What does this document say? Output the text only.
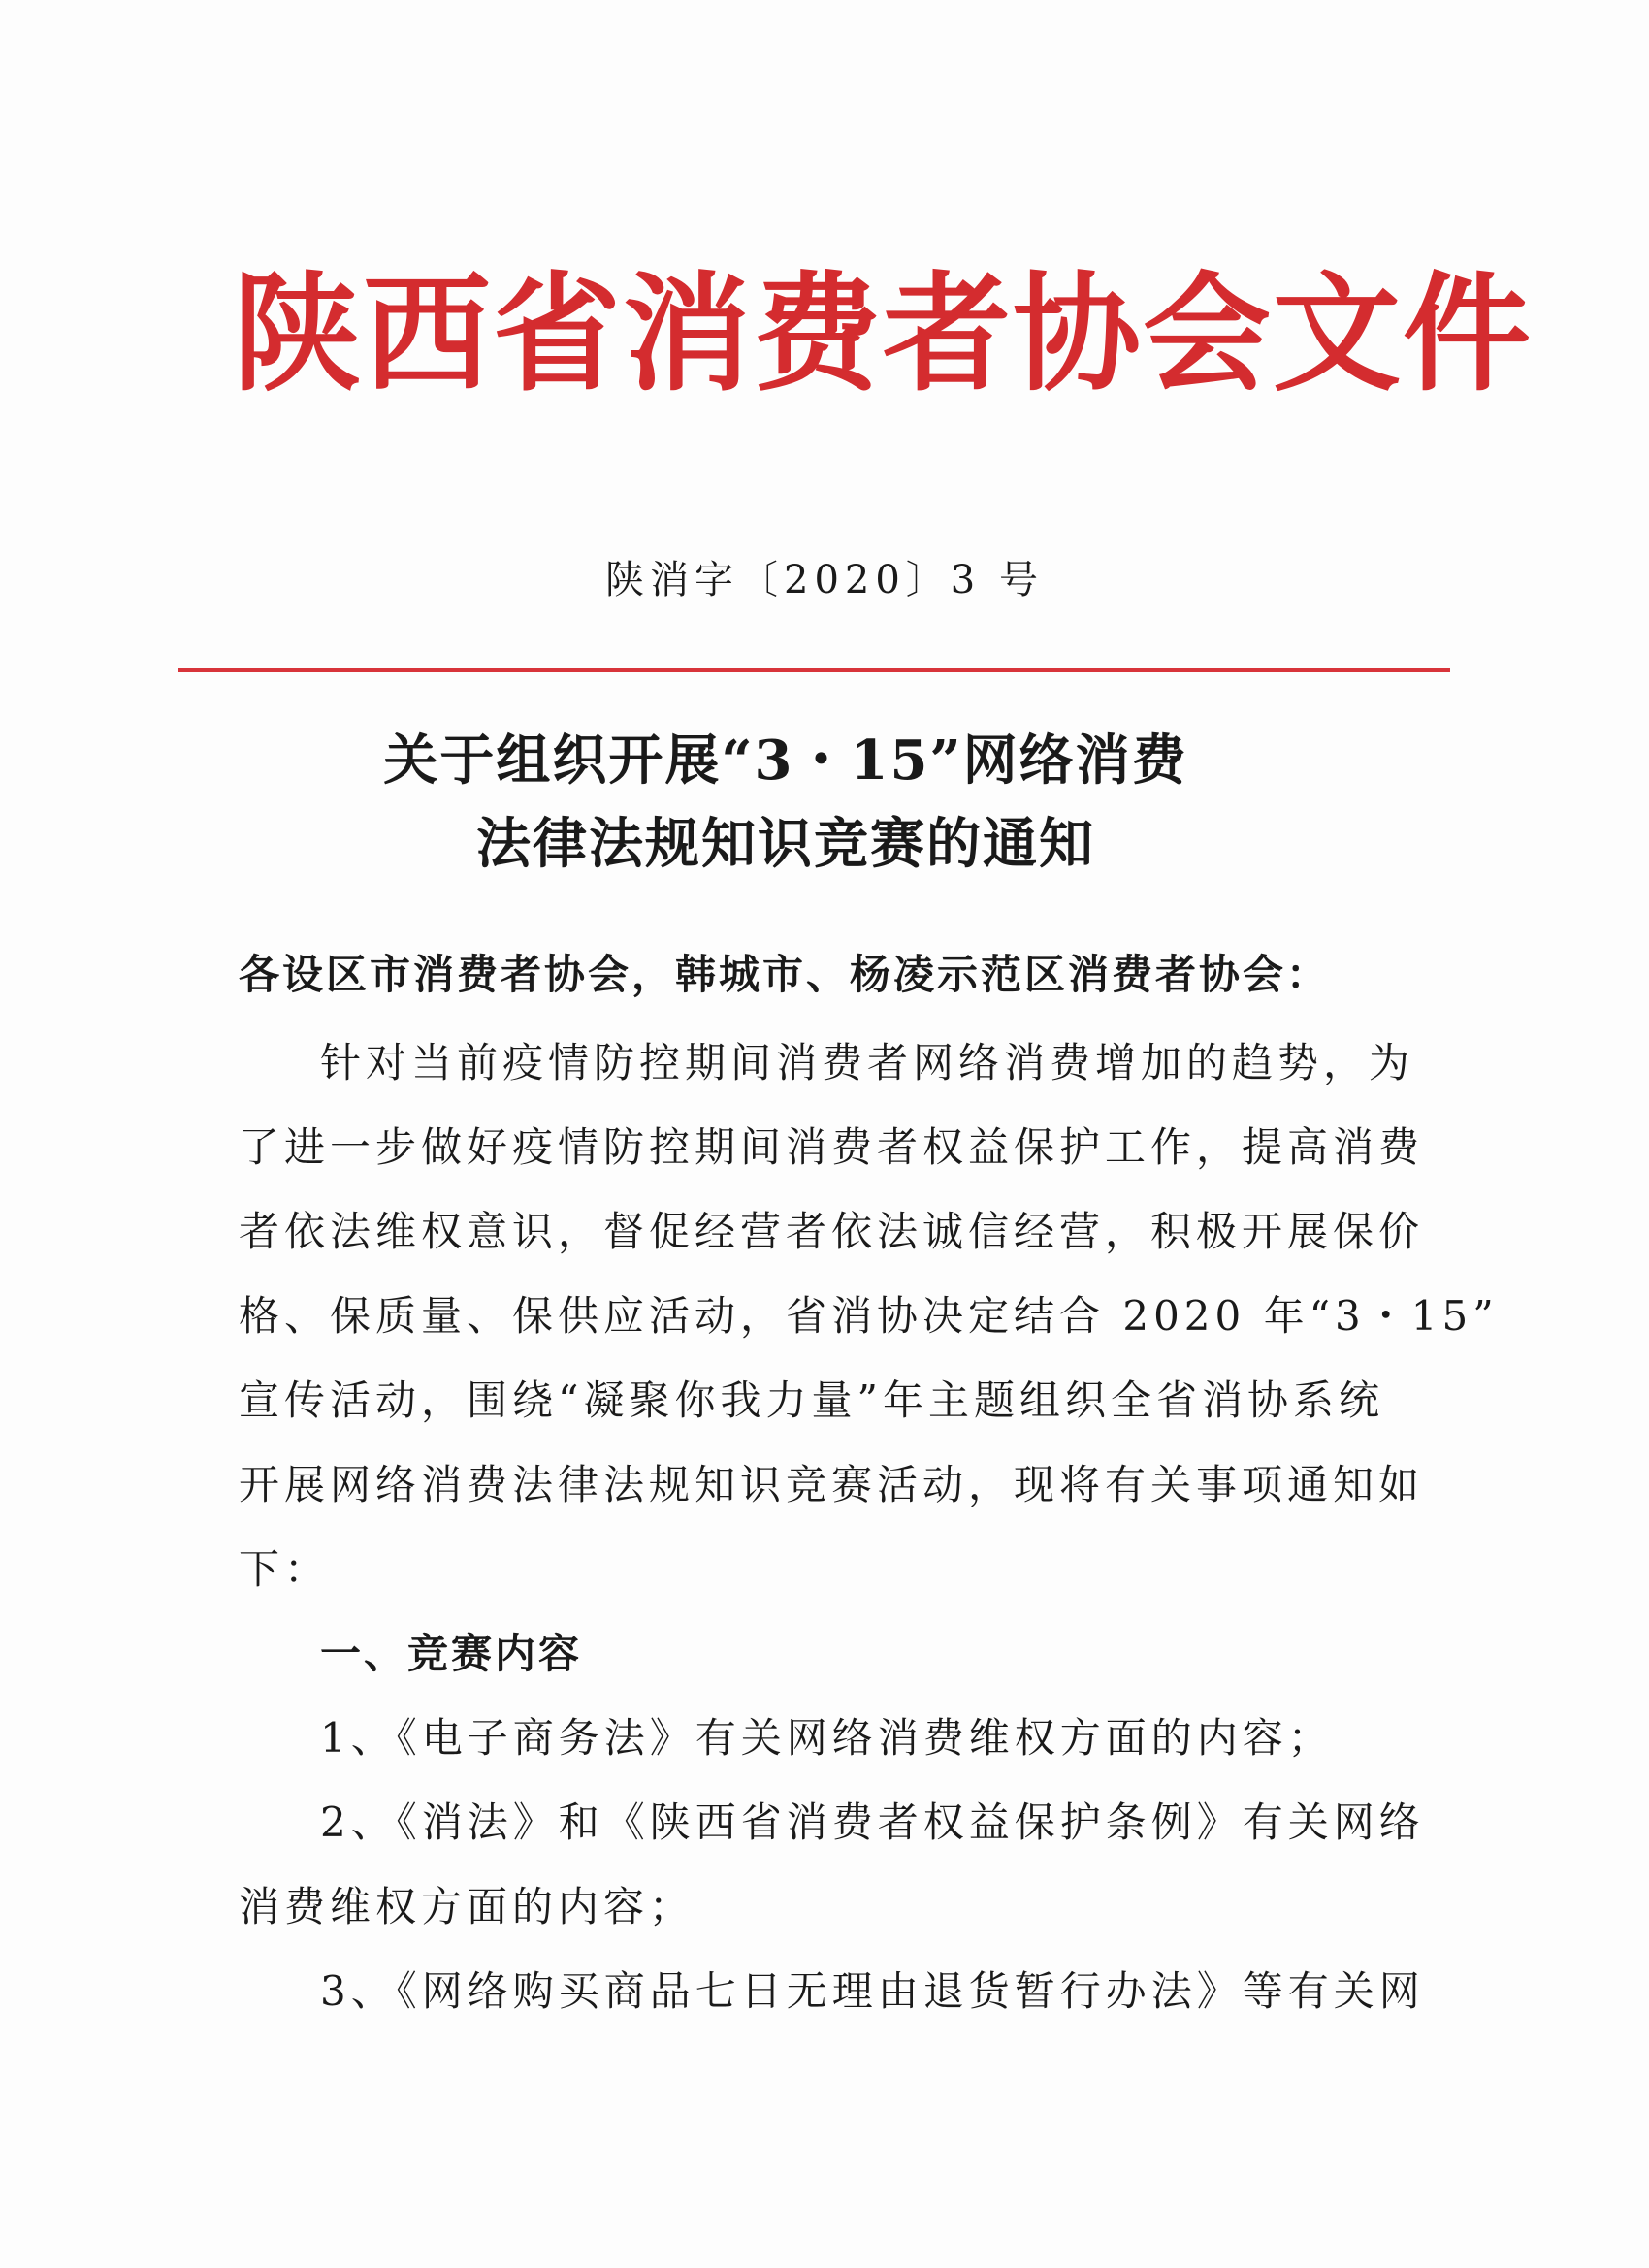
陕西省消费者协会文件
陕消字〔2020〕3 号
关于组织开展“3・15”网络消费
法律法规知识竞赛的通知
各设区市消费者协会，韩城市、杨凌示范区消费者协会：
针对当前疫情防控期间消费者网络消费增加的趋势，为
了进一步做好疫情防控期间消费者权益保护工作，提高消费
者依法维权意识，督促经营者依法诚信经营，积极开展保价
格、保质量、保供应活动，省消协决定结合 2020 年“3・15”
宣传活动，围绕“凝聚你我力量”年主题组织全省消协系统
开展网络消费法律法规知识竞赛活动，现将有关事项通知如
下：
一、竞赛内容
1、《电子商务法》有关网络消费维权方面的内容；
2、《消法》和《陕西省消费者权益保护条例》有关网络
消费维权方面的内容；
3、《网络购买商品七日无理由退货暂行办法》等有关网
